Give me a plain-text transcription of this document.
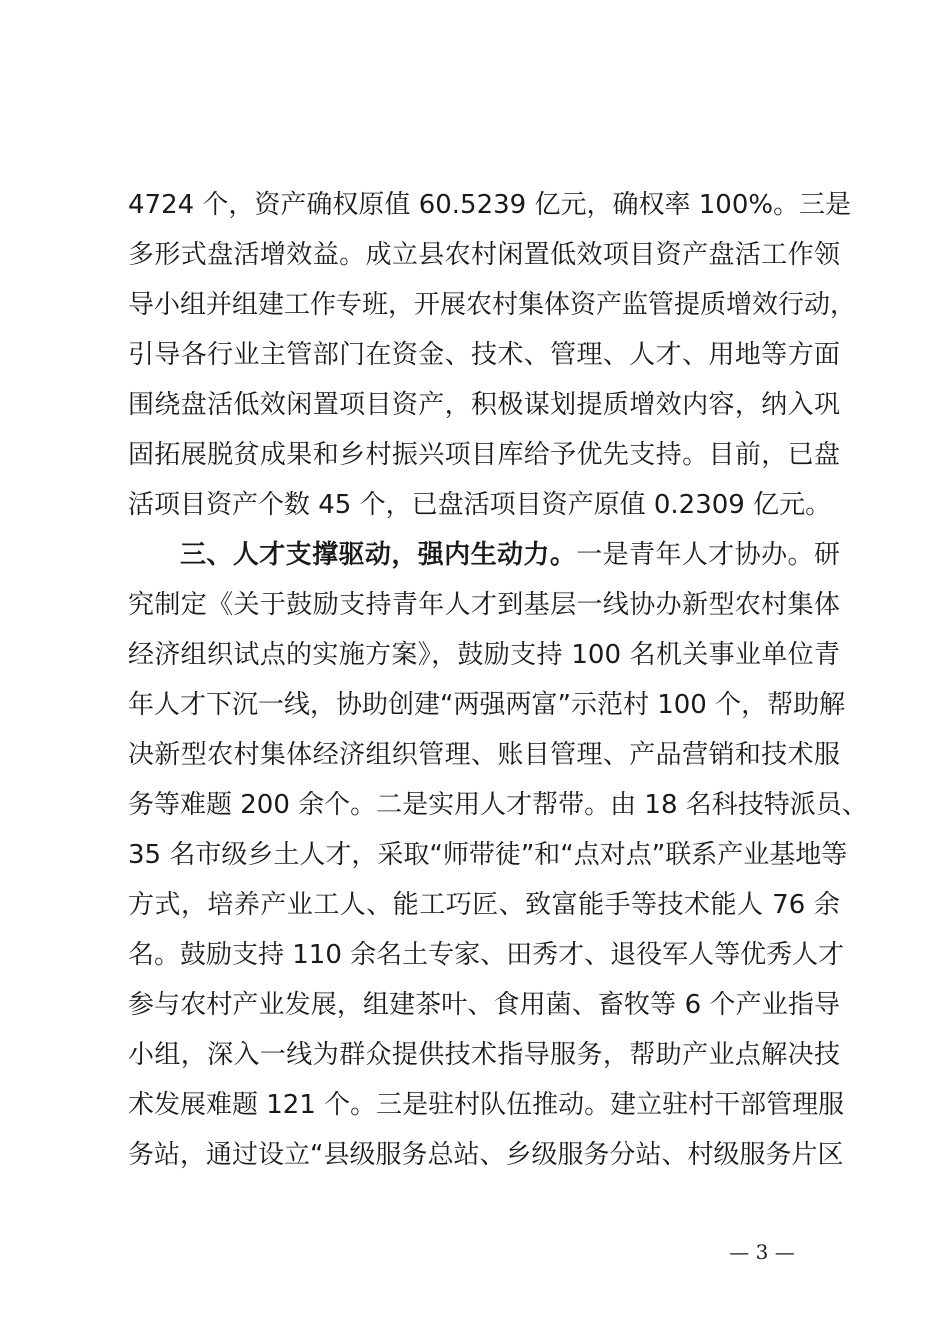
4724 个，资产确权原值 60.5239 亿元，确权率 100%。三是
多形式盘活增效益。成立县农村闲置低效项目资产盘活工作领
导小组并组建工作专班，开展农村集体资产监管提质增效行动，
引导各行业主管部门在资金、技术、管理、人才、用地等方面
围绕盘活低效闲置项目资产，积极谋划提质增效内容，纳入巩
固拓展脱贫成果和乡村振兴项目库给予优先支持。目前，已盘
活项目资产个数 45 个，已盘活项目资产原值 0.2309 亿元。
三、人才支撑驱动，强内生动力。一是青年人才协办。研
究制定《关于鼓励支持青年人才到基层一线协办新型农村集体
经济组织试点的实施方案》，鼓励支持 100 名机关事业单位青
年人才下沉一线，协助创建“两强两富”示范村 100 个，帮助解
决新型农村集体经济组织管理、账目管理、产品营销和技术服
务等难题 200 余个。二是实用人才帮带。由 18 名科技特派员、
35 名市级乡土人才，采取“师带徒”和“点对点”联系产业基地等
方式，培养产业工人、能工巧匠、致富能手等技术能人 76 余
名。鼓励支持 110 余名土专家、田秀才、退役军人等优秀人才
参与农村产业发展，组建茶叶、食用菌、畜牧等 6 个产业指导
小组，深入一线为群众提供技术指导服务，帮助产业点解决技
术发展难题 121 个。三是驻村队伍推动。建立驻村干部管理服
务站，通过设立“县级服务总站、乡级服务分站、村级服务片区
— 3 —
